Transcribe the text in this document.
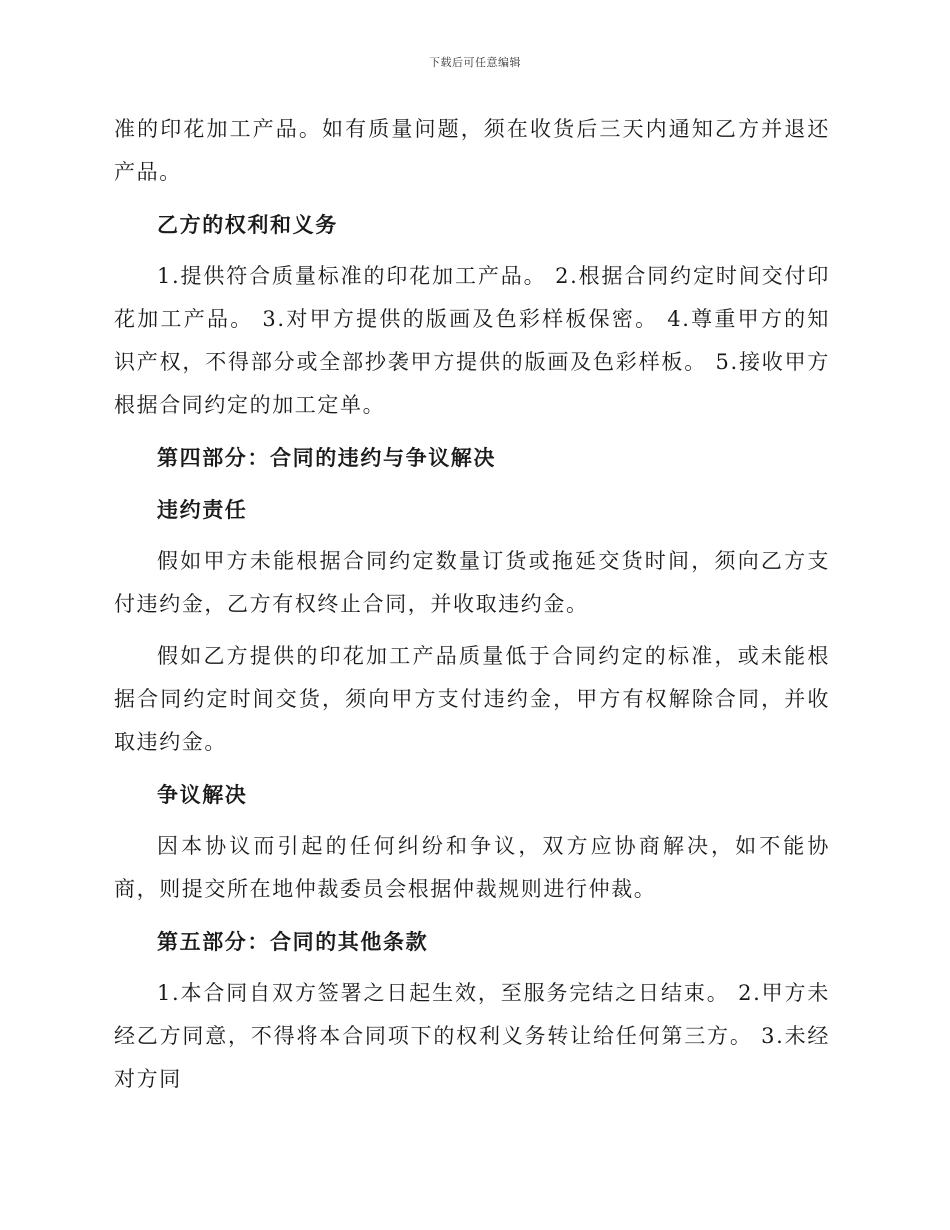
下载后可任意编辑

准的印花加工产品。如有质量问题，须在收货后三天内通知乙方并退还产品。

乙方的权利和义务

1.提供符合质量标准的印花加工产品。 2.根据合同约定时间交付印花加工产品。 3.对甲方提供的版画及色彩样板保密。 4.尊重甲方的知识产权，不得部分或全部抄袭甲方提供的版画及色彩样板。 5.接收甲方根据合同约定的加工定单。

第四部分：合同的违约与争议解决

违约责任

假如甲方未能根据合同约定数量订货或拖延交货时间，须向乙方支付违约金，乙方有权终止合同，并收取违约金。

假如乙方提供的印花加工产品质量低于合同约定的标准，或未能根据合同约定时间交货，须向甲方支付违约金，甲方有权解除合同，并收取违约金。

争议解决

因本协议而引起的任何纠纷和争议，双方应协商解决，如不能协商，则提交所在地仲裁委员会根据仲裁规则进行仲裁。

第五部分：合同的其他条款

1.本合同自双方签署之日起生效，至服务完结之日结束。 2.甲方未经乙方同意，不得将本合同项下的权利义务转让给任何第三方。 3.未经对方同
